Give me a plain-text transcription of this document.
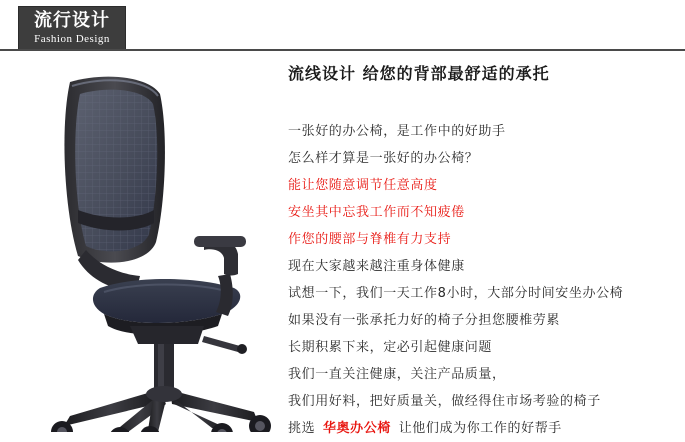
流行设计
Fashion Design
流线设计 给您的背部最舒适的承托
一张好的办公椅，是工作中的好助手
怎么样才算是一张好的办公椅？
能让您随意调节任意高度
安坐其中忘我工作而不知疲倦
作您的腰部与脊椎有力支持
现在大家越来越注重身体健康
试想一下，我们一天工作8小时，大部分时间安坐办公椅
如果没有一张承托力好的椅子分担您腰椎劳累
长期积累下来，定必引起健康问题
我们一直关注健康，关注产品质量，
我们用好料，把好质量关，做经得住市场考验的椅子
挑选 华奥办公椅 让他们成为你工作的好帮手
